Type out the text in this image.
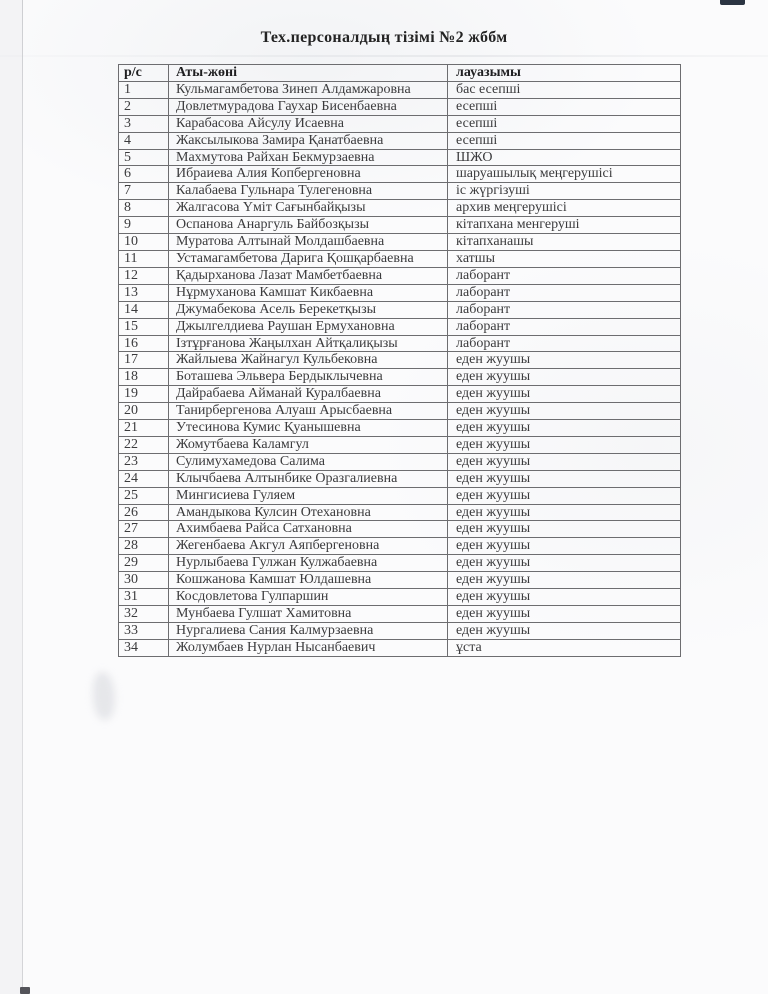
Тех.персоналдың тізімі №2 жббм
р/с	Аты-жөні	лауазымы
1	Кульмагамбетова Зинеп Алдамжаровна	бас есепші
2	Довлетмурадова Гаухар Бисенбаевна	есепші
3	Карабасова Айсулу Исаевна	есепші
4	Жаксылыкова Замира Қанатбаевна	есепші
5	Махмутова Райхан Бекмурзаевна	ШЖО
6	Ибраиева Алия Копбергеновна	шаруашылық меңгерушісі
7	Калабаева Гульнара Тулегеновна	іс жүргізуші
8	Жалгасова Үміт Сағынбайқызы	архив меңгерушісі
9	Оспанова Анаргуль Байбозқызы	кітапхана менгеруші
10	Муратова Алтынай Молдашбаевна	кітапханашы
11	Устамагамбетова Дарига Қошқарбаевна	хатшы
12	Қадырханова Лазат Мамбетбаевна	лаборант
13	Нұрмуханова Камшат Кикбаевна	лаборант
14	Джумабекова Асель Берекетқызы	лаборант
15	Джылгелдиева Раушан Ермухановна	лаборант
16	Ізтұрғанова Жаңылхан Айтқалиқызы	лаборант
17	Жайлыева Жайнагул Кульбековна	еден жуушы
18	Боташева Эльвера Бердыклычевна	еден жуушы
19	Дайрабаева Айманай Куралбаевна	еден жуушы
20	Танирбергенова Алуаш Арысбаевна	еден жуушы
21	Утесинова Кумис Қуанышевна	еден жуушы
22	Жомутбаева Каламгул	еден жуушы
23	Сулимухамедова Салима	еден жуушы
24	Клычбаева Алтынбике Оразгалиевна	еден жуушы
25	Мингисиева Гуляем	еден жуушы
26	Амандыкова Кулсин Отехановна	еден жуушы
27	Ахимбаева Райса Сатхановна	еден жуушы
28	Жегенбаева Акгул Аяпбергеновна	еден жуушы
29	Нурлыбаева Гулжан Кулжабаевна	еден жуушы
30	Кошжанова Камшат Юлдашевна	еден жуушы
31	Косдовлетова Гулпаршин	еден жуушы
32	Мунбаева Гулшат Хамитовна	еден жуушы
33	Нургалиева Сания Калмурзаевна	еден жуушы
34	Жолумбаев Нурлан Нысанбаевич	ұста
